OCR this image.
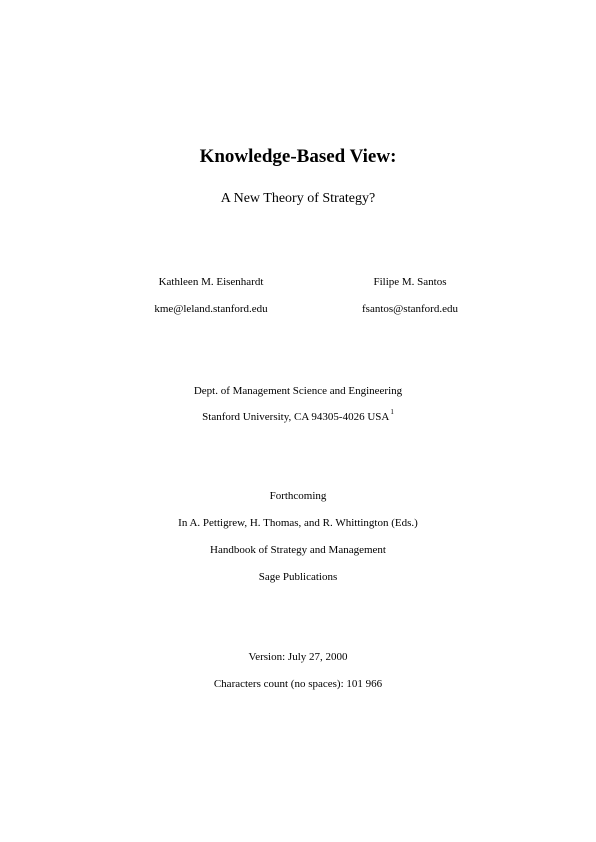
Knowledge-Based View:
A New Theory of Strategy?
Kathleen M. Eisenhardt	Filipe M. Santos
kme@leland.stanford.edu	fsantos@stanford.edu
Dept. of Management Science and Engineering
Stanford University, CA 94305-4026 USA$^1$
Forthcoming
In A. Pettigrew, H. Thomas, and R. Whittington (Eds.)
Handbook of Strategy and Management
Sage Publications
Version: July 27, 2000
Characters count (no spaces): 101 966
